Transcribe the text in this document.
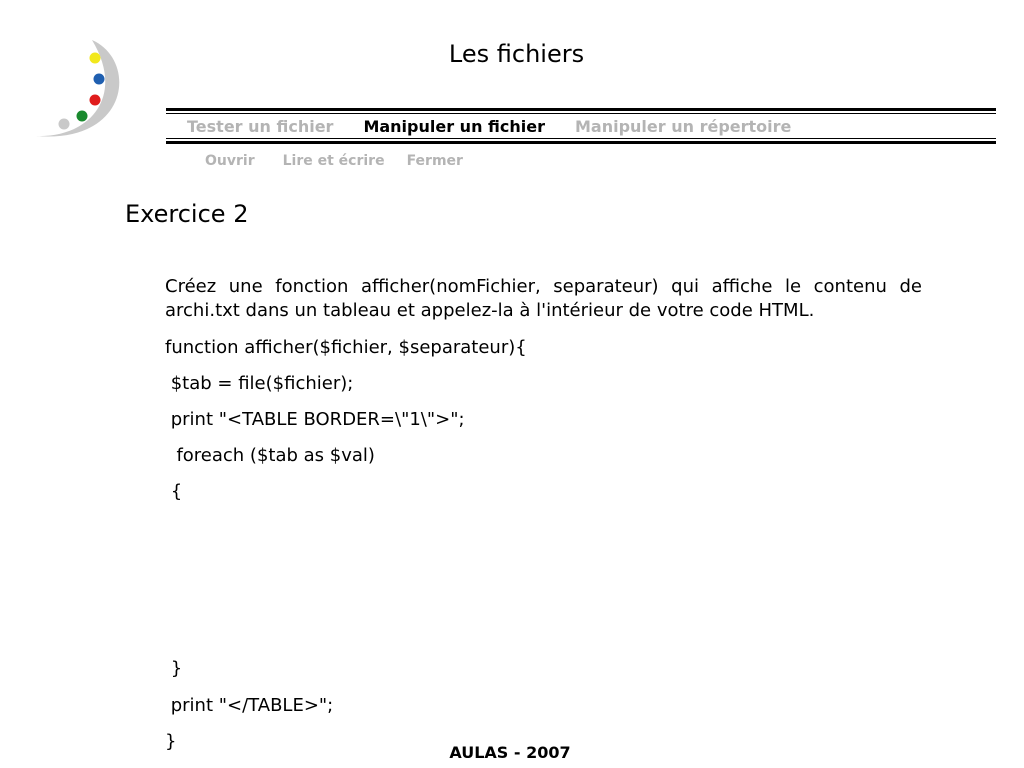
Les fichiers
Tester un fichier Manipuler un fichier Manipuler un répertoire
Ouvrir Lire et écrire Fermer
Exercice 2
Créez une fonction afficher(nomFichier, separateur) qui affiche le contenu de archi.txt dans un tableau et appelez-la à l'intérieur de votre code HTML.
function afficher($fichier, $separateur){
$tab = file($fichier);
print "<TABLE BORDER=\"1\">";
foreach ($tab as $val)
{
}
print "</TABLE>";
}
AULAS - 2007
